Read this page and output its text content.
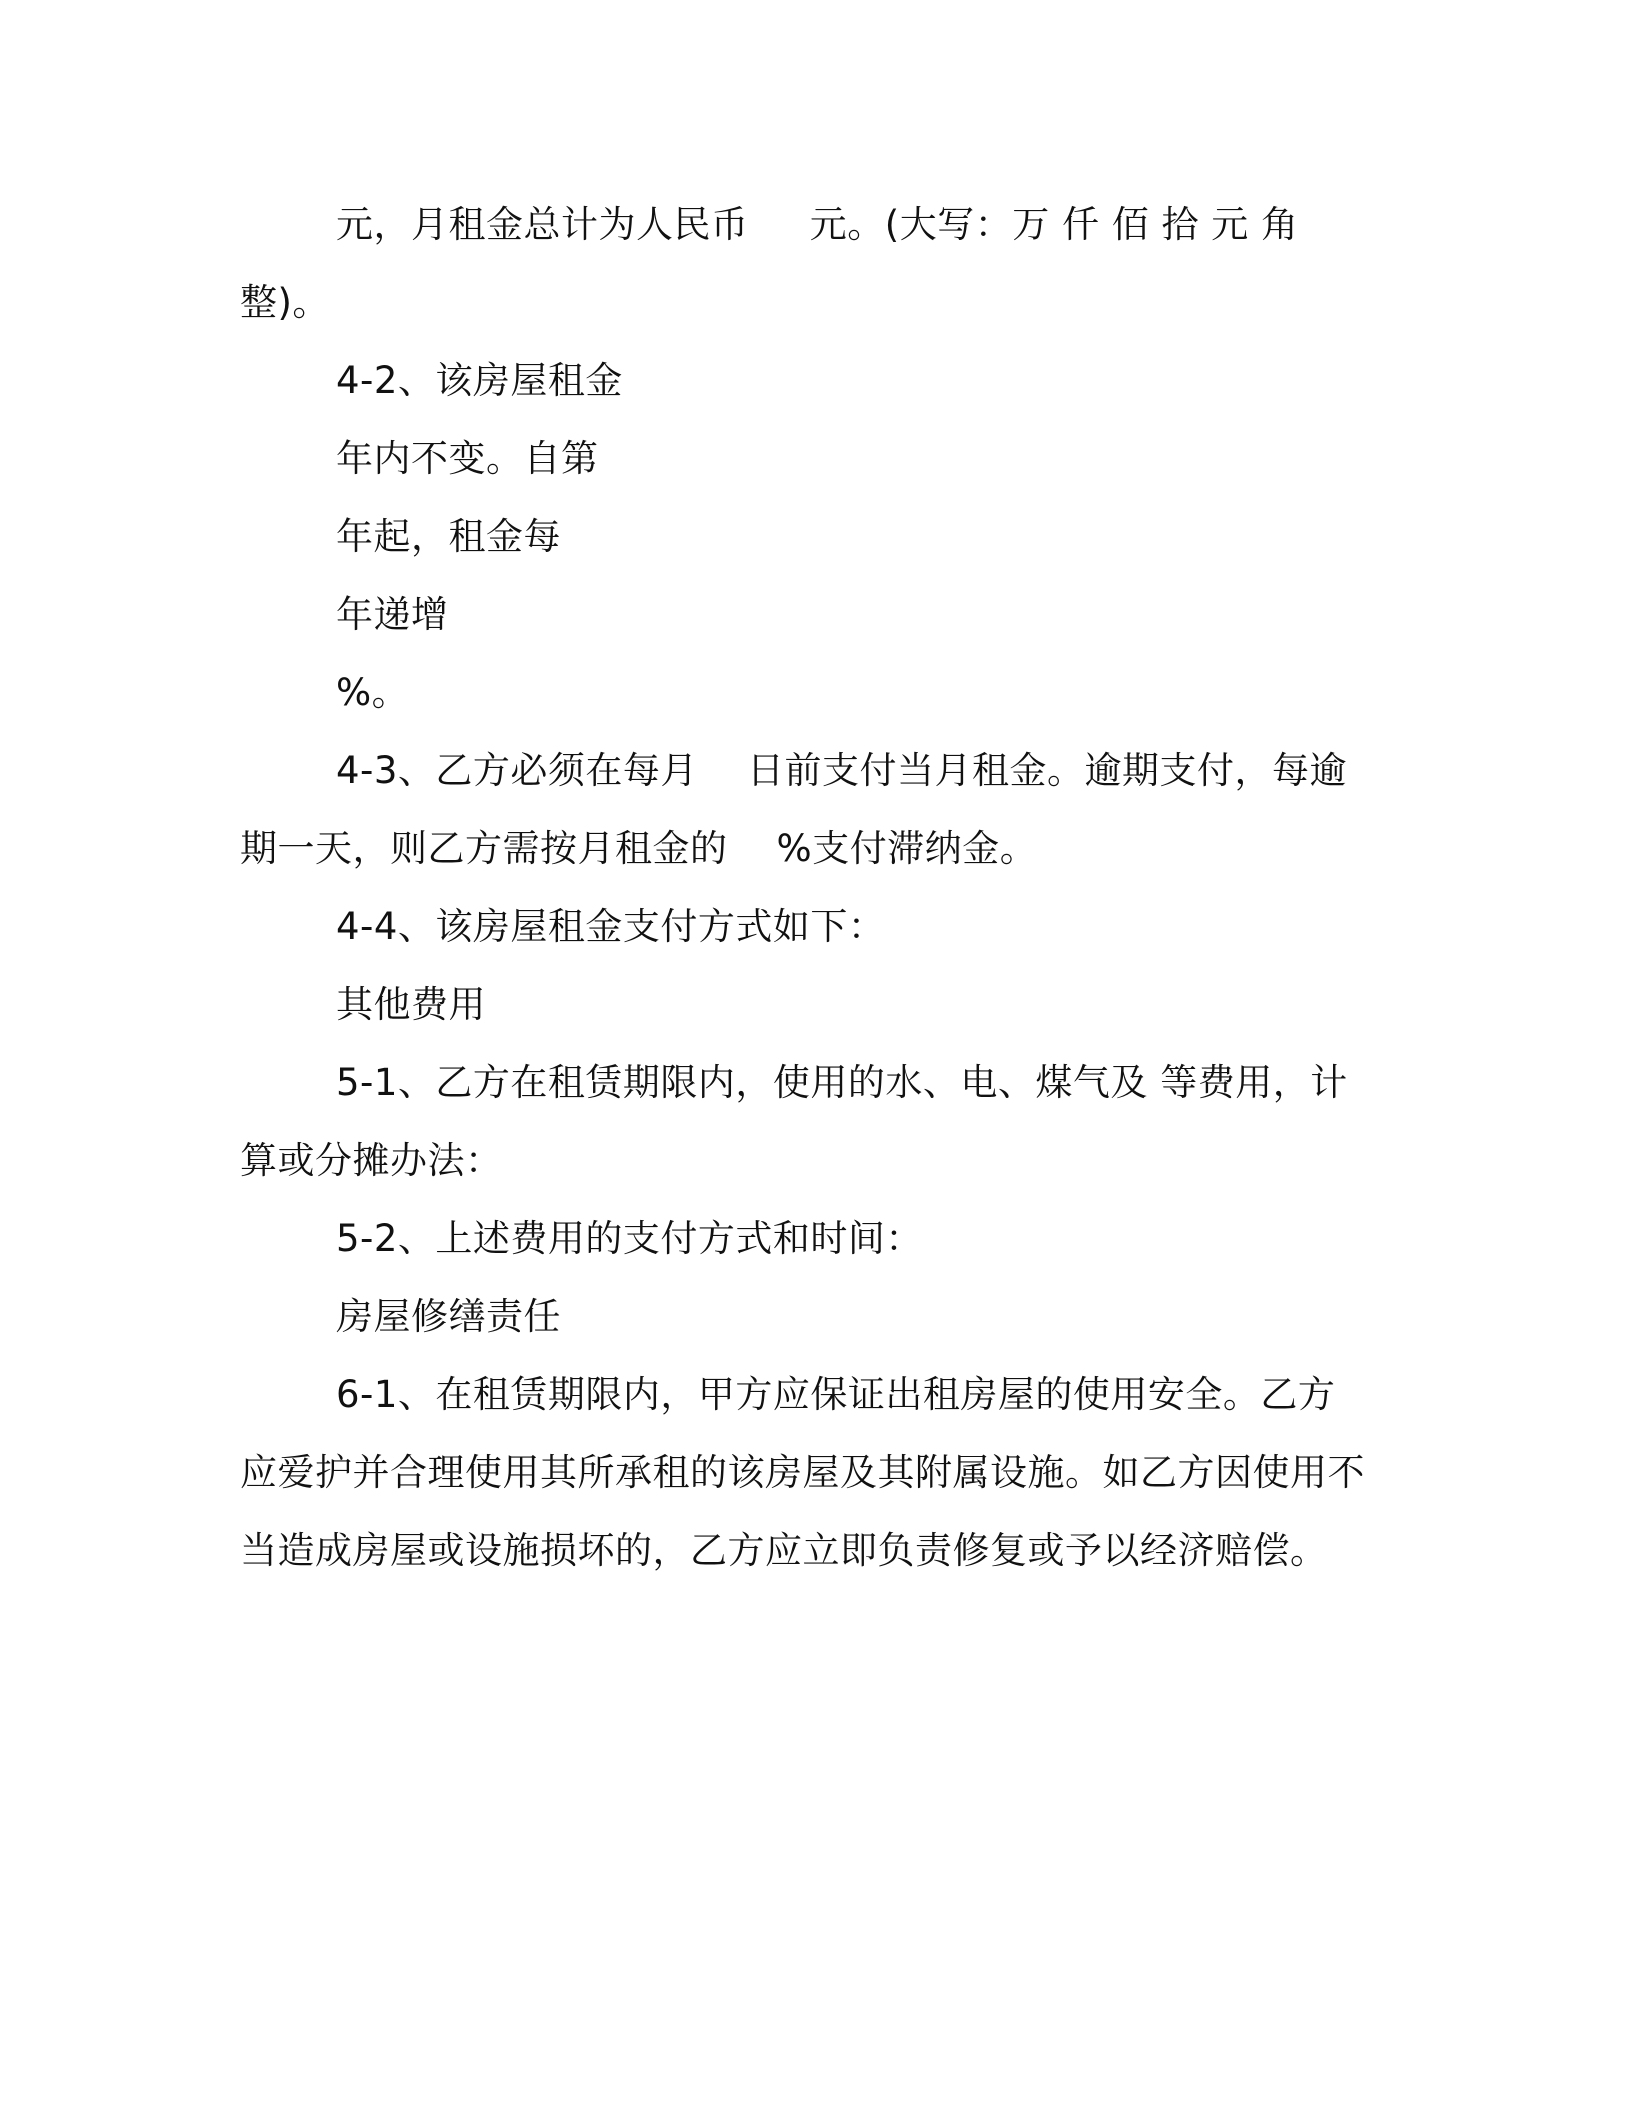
元，月租金总计为人民币     元。(大写：万 仟 佰 拾 元 角整)。

4-2、该房屋租金

年内不变。自第

年起，租金每

年递增

%。

4-3、乙方必须在每月    日前支付当月租金。逾期支付，每逾期一天，则乙方需按月租金的    %支付滞纳金。

4-4、该房屋租金支付方式如下：

其他费用

5-1、乙方在租赁期限内，使用的水、电、煤气及 等费用，计算或分摊办法：

5-2、上述费用的支付方式和时间：

房屋修缮责任

6-1、在租赁期限内，甲方应保证出租房屋的使用安全。乙方应爱护并合理使用其所承租的该房屋及其附属设施。如乙方因使用不当造成房屋或设施损坏的，乙方应立即负责修复或予以经济赔偿。
